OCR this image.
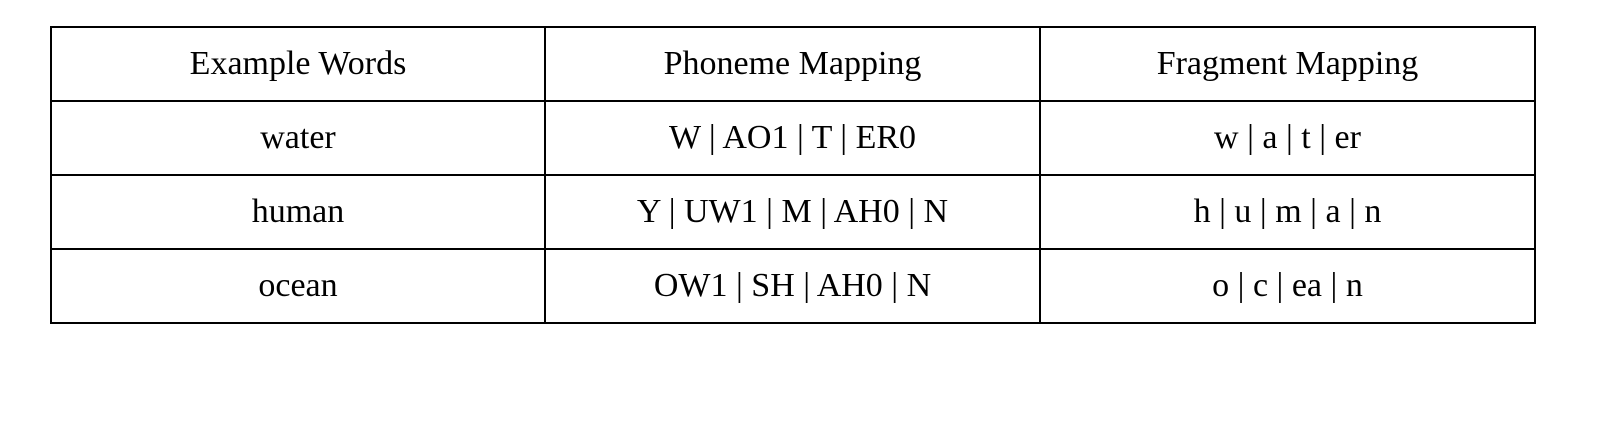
Example Words	Phoneme Mapping	Fragment Mapping
water	W | AO1 | T | ER0	w | a | t | er
human	Y | UW1 | M | AH0 | N	h | u | m | a | n
ocean	OW1 | SH | AH0 | N	o | c | ea | n
